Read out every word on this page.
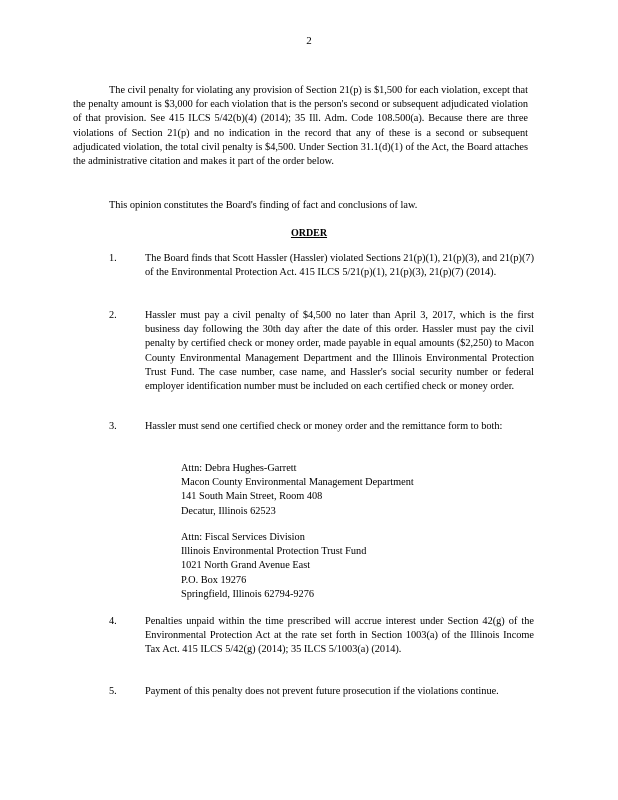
2

The civil penalty for violating any provision of Section 21(p) is $1,500 for each violation, except that the penalty amount is $3,000 for each violation that is the person's second or subsequent adjudicated violation of that provision. See 415 ILCS 5/42(b)(4) (2014); 35 Ill. Adm. Code 108.500(a). Because there are three violations of Section 21(p) and no indication in the record that any of these is a second or subsequent adjudicated violation, the total civil penalty is $4,500. Under Section 31.1(d)(1) of the Act, the Board attaches the administrative citation and makes it part of the order below.

This opinion constitutes the Board's finding of fact and conclusions of law.

ORDER
1.	The Board finds that Scott Hassler (Hassler) violated Sections 21(p)(1), 21(p)(3), and 21(p)(7) of the Environmental Protection Act. 415 ILCS 5/21(p)(1), 21(p)(3), 21(p)(7) (2014).
2.	Hassler must pay a civil penalty of $4,500 no later than April 3, 2017, which is the first business day following the 30th day after the date of this order. Hassler must pay the civil penalty by certified check or money order, made payable in equal amounts ($2,250) to Macon County Environmental Management Department and the Illinois Environmental Protection Trust Fund. The case number, case name, and Hassler's social security number or federal employer identification number must be included on each certified check or money order.
3.	Hassler must send one certified check or money order and the remittance form to both:
Attn: Debra Hughes-Garrett
Macon County Environmental Management Department
141 South Main Street, Room 408
Decatur, Illinois 62523
Attn: Fiscal Services Division
Illinois Environmental Protection Trust Fund
1021 North Grand Avenue East
P.O. Box 19276
Springfield, Illinois 62794-9276
4.	Penalties unpaid within the time prescribed will accrue interest under Section 42(g) of the Environmental Protection Act at the rate set forth in Section 1003(a) of the Illinois Income Tax Act. 415 ILCS 5/42(g) (2014); 35 ILCS 5/1003(a) (2014).
5.	Payment of this penalty does not prevent future prosecution if the violations continue.
